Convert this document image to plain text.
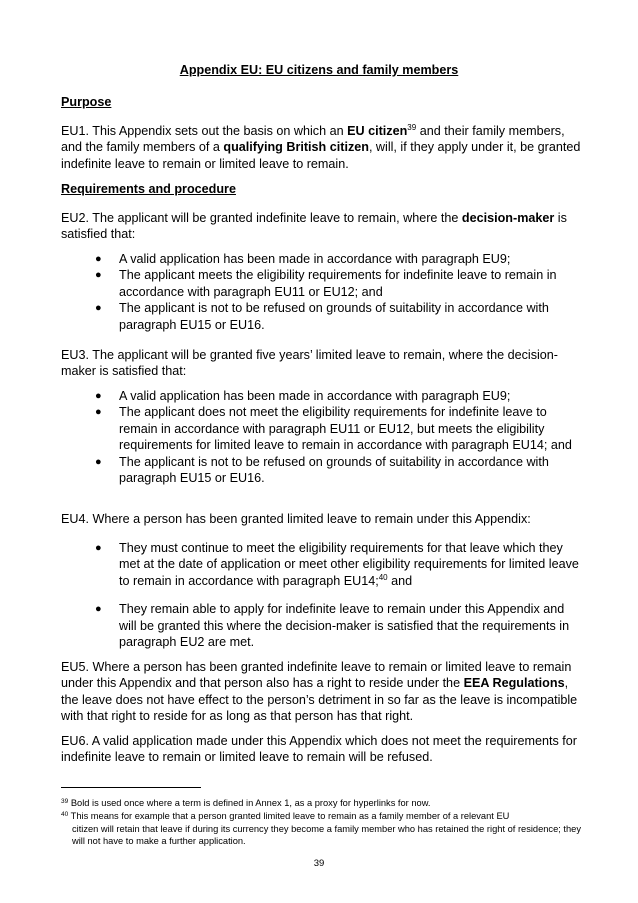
Appendix EU: EU citizens and family members
Purpose
EU1. This Appendix sets out the basis on which an EU citizen$^{39}$ and their family members, and the family members of a qualifying British citizen, will, if they apply under it, be granted indefinite leave to remain or limited leave to remain.
Requirements and procedure
EU2. The applicant will be granted indefinite leave to remain, where the decision-maker is satisfied that:
● A valid application has been made in accordance with paragraph EU9;
● The applicant meets the eligibility requirements for indefinite leave to remain in accordance with paragraph EU11 or EU12; and
● The applicant is not to be refused on grounds of suitability in accordance with paragraph EU15 or EU16.
EU3. The applicant will be granted five years’ limited leave to remain, where the decision-maker is satisfied that:
● A valid application has been made in accordance with paragraph EU9;
● The applicant does not meet the eligibility requirements for indefinite leave to remain in accordance with paragraph EU11 or EU12, but meets the eligibility requirements for limited leave to remain in accordance with paragraph EU14; and
● The applicant is not to be refused on grounds of suitability in accordance with paragraph EU15 or EU16.
EU4. Where a person has been granted limited leave to remain under this Appendix:
● They must continue to meet the eligibility requirements for that leave which they met at the date of application or meet other eligibility requirements for limited leave to remain in accordance with paragraph EU14;$^{40}$ and
● They remain able to apply for indefinite leave to remain under this Appendix and will be granted this where the decision-maker is satisfied that the requirements in paragraph EU2 are met.
EU5. Where a person has been granted indefinite leave to remain or limited leave to remain under this Appendix and that person also has a right to reside under the EEA Regulations, the leave does not have effect to the person’s detriment in so far as the leave is incompatible with that right to reside for as long as that person has that right.
EU6. A valid application made under this Appendix which does not meet the requirements for indefinite leave to remain or limited leave to remain will be refused.
$^{39}$ Bold is used once where a term is defined in Annex 1, as a proxy for hyperlinks for now.
$^{40}$ This means for example that a person granted limited leave to remain as a family member of a relevant EU
citizen will retain that leave if during its currency they become a family member who has retained the right of residence; they will not have to make a further application.
39
